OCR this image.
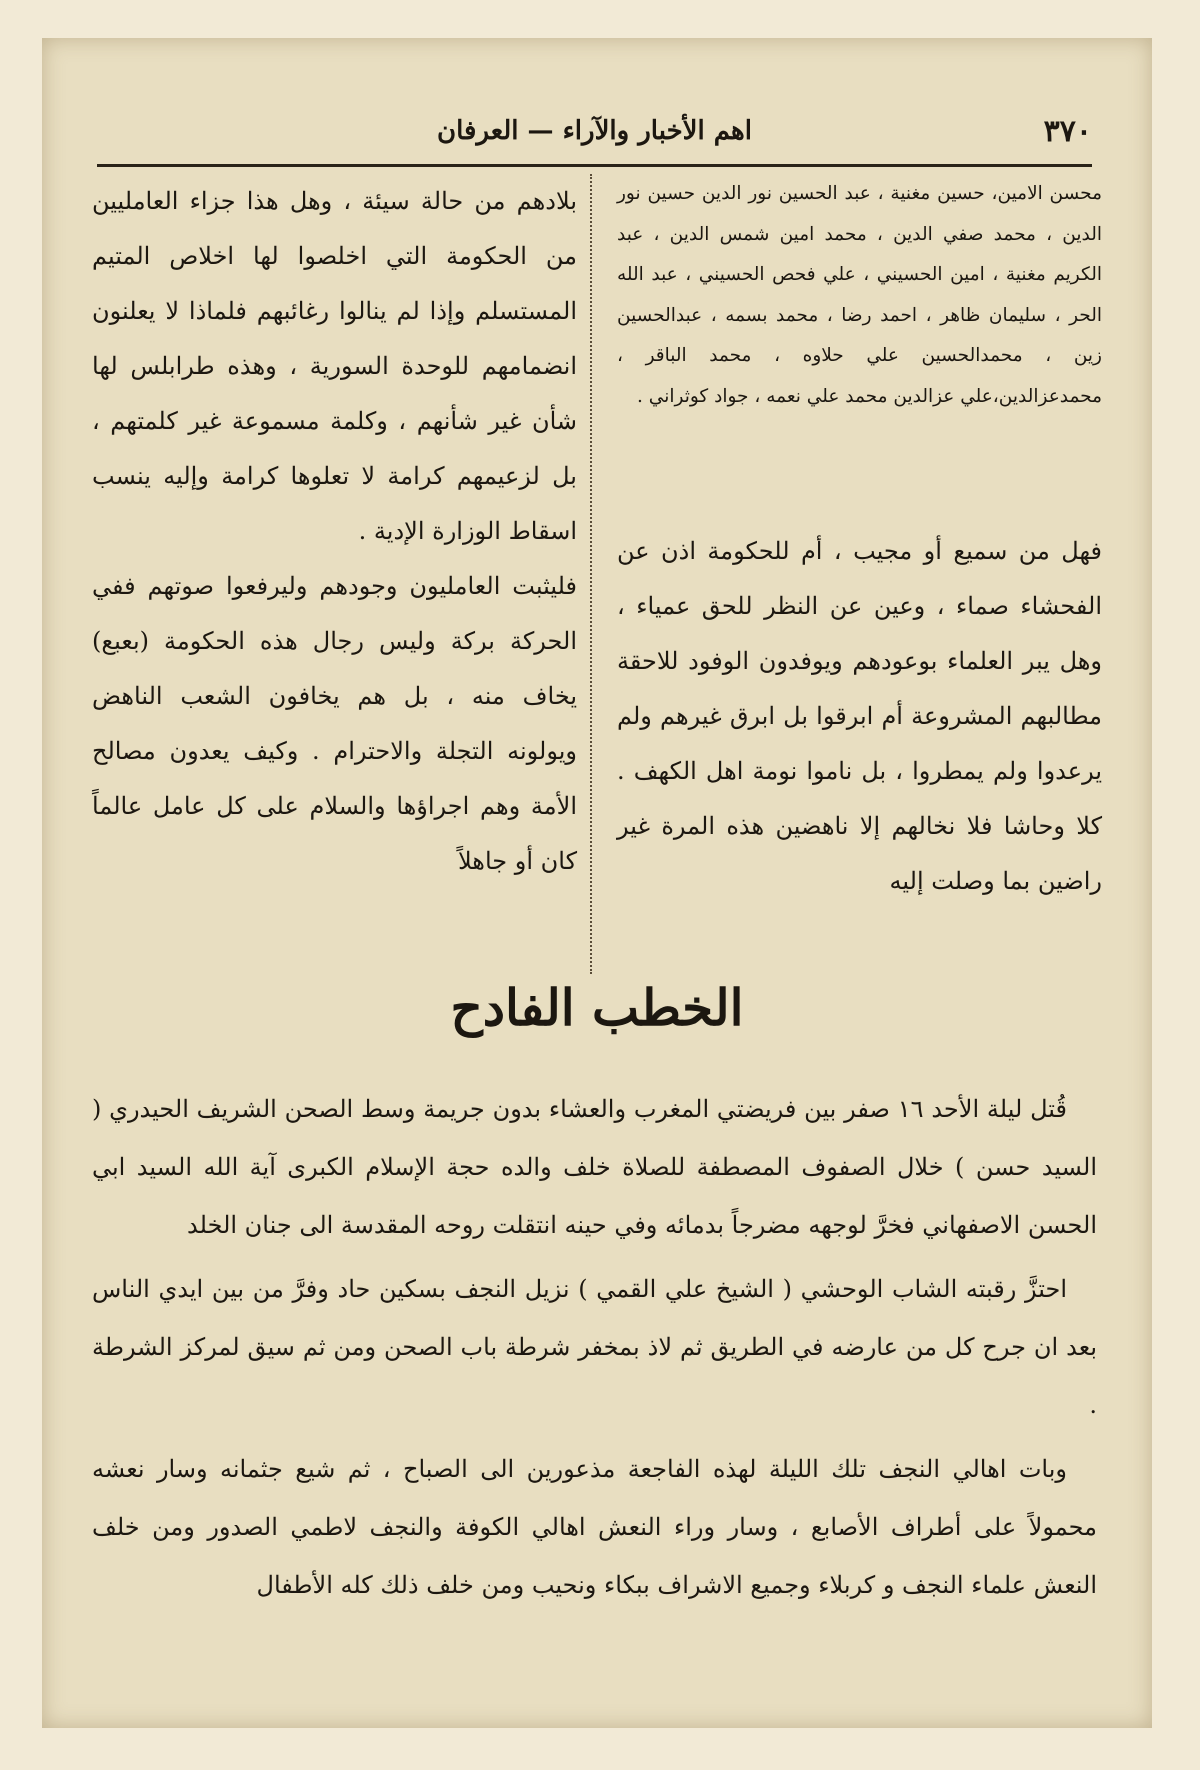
٣٧٠
اهم الأخبار والآراء — العرفان

محسن الامين، حسين مغنية ، عبد الحسين نور الدين حسين نور الدين ، محمد صفي الدين ، محمد امين شمس الدين ، عبد الكريم مغنية ، امين الحسيني ، علي فحص الحسيني ، عبد الله الحر ، سليمان ظاهر ، احمد رضا ، محمد بسمه ، عبدالحسين زين ، محمدالحسين علي حلاوه ، محمد الباقر ، محمدعزالدين،علي عزالدين محمد علي نعمه ، جواد كوثراني .

فهل من سميع أو مجيب ، أم للحكومة اذن عن الفحشاء صماء ، وعين عن النظر للحق عمياء ، وهل يبر العلماء بوعودهم ويوفدون الوفود للاحقة مطالبهم المشروعة أم ابرقوا بل ابرق غيرهم ولم يرعدوا ولم يمطروا ، بل ناموا نومة اهل الكهف . كلا وحاشا فلا نخالهم إلا ناهضين هذه المرة غير راضين بما وصلت إليه

بلادهم من حالة سيئة ، وهل هذا جزاء العامليين من الحكومة التي اخلصوا لها اخلاص المتيم المستسلم وإذا لم ينالوا رغائبهم فلماذا لا يعلنون انضمامهم للوحدة السورية ، وهذه طرابلس لها شأن غير شأنهم ، وكلمة مسموعة غير كلمتهم ، بل لزعيمهم كرامة لا تعلوها كرامة وإليه ينسب اسقاط الوزارة الإدية .

فليثبت العامليون وجودهم وليرفعوا صوتهم ففي الحركة بركة وليس رجال هذه الحكومة (بعبع) يخاف منه ، بل هم يخافون الشعب الناهض ويولونه التجلة والاحترام . وكيف يعدون مصالح الأمة وهم اجراؤها والسلام على كل عامل عالماً كان أو جاهلاً

الخطب الفادح

قُتل ليلة الأحد ١٦ صفر بين فريضتي المغرب والعشاء بدون جريمة وسط الصحن الشريف الحيدري ( السيد حسن ) خلال الصفوف المصطفة للصلاة خلف والده حجة الإسلام الكبرى آية الله السيد ابي الحسن الاصفهاني فخرَّ لوجهه مضرجاً بدمائه وفي حينه انتقلت روحه المقدسة الى جنان الخلد

احتزَّ رقبته الشاب الوحشي ( الشيخ علي القمي ) نزيل النجف بسكين حاد وفرَّ من بين ايدي الناس بعد ان جرح كل من عارضه في الطريق ثم لاذ بمخفر شرطة باب الصحن ومن ثم سيق لمركز الشرطة .

وبات اهالي النجف تلك الليلة لهذه الفاجعة مذعورين الى الصباح ، ثم شيع جثمانه وسار نعشه محمولاً على أطراف الأصابع ، وسار وراء النعش اهالي الكوفة والنجف لاطمي الصدور ومن خلف النعش علماء النجف و كربلاء وجميع الاشراف ببكاء ونحيب ومن خلف ذلك كله الأطفال
